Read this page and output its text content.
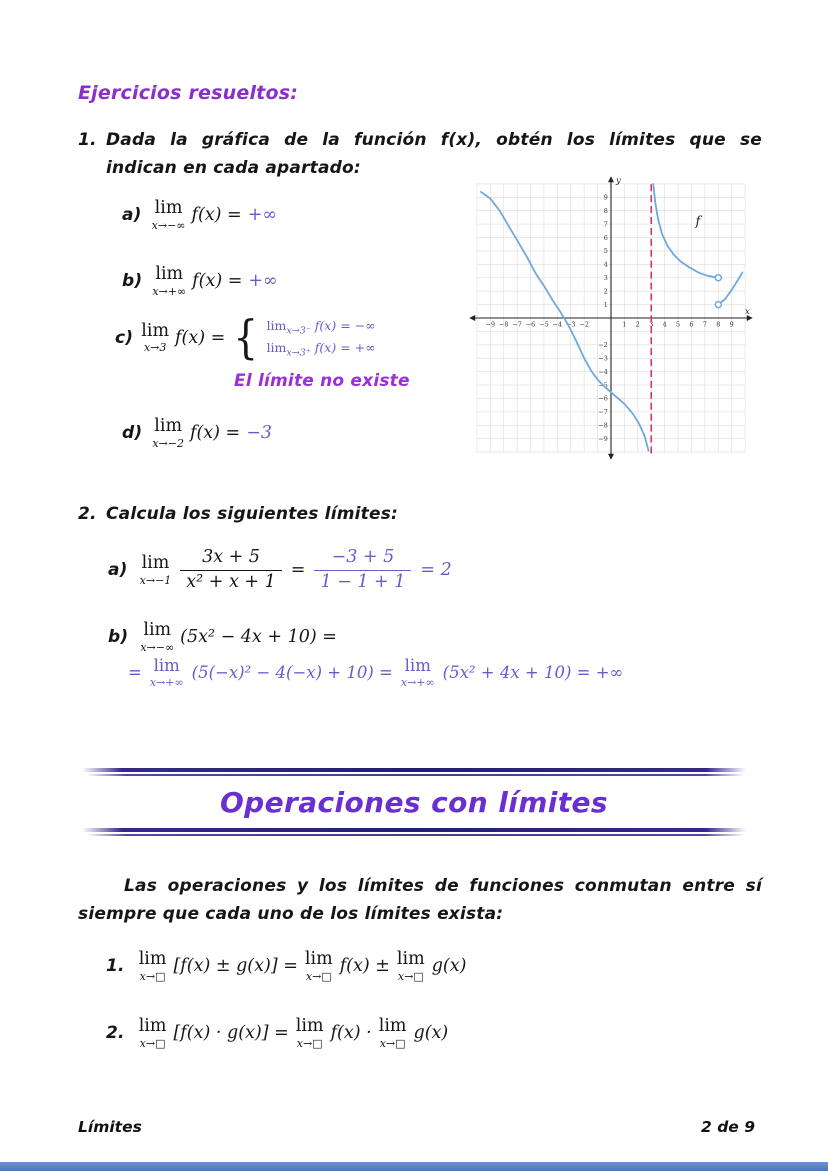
Ejercicios resueltos:
1. Dada la gráfica de la función f(x), obtén los límites que se
indican en cada apartado:
a) lim
x→−∞ f(x) = +∞
b) lim
x→+∞ f(x) = +∞
c) lim
x→3 f(x) = { $\lim_{x\to 3^-} f(x)$ = −∞
$\lim_{x\to 3^+} f(x)$ = +∞
El límite no existe
d) lim
x→−2 f(x) = −3
−9 −8 −7 −6 −5 −4 −3 −2	1 2 3 4 5 6 7 8 9
9
8
7
6
5
4
3
2
1
−2
−3
−4
−5
−6
−7
−8
−9
x
y
f
2. Calcula los siguientes límites:
a) lim
$x\to-1 \frac{3x + 5}{\text{x² + x + 1}} = \frac{-3 + 5}{1 - 1 + 1} = 2$
b) lim
x→−∞ (5x² − 4x + 10) =
= lim
x→+∞ (5(−x)² − 4(−x) + 10) = lim
x→+∞ (5x² + 4x + 10) = +∞
Operaciones con límites
Las operaciones y los límites de funciones conmutan entre sí
siempre que cada uno de los límites exista:
1. lim
x→□ [f(x) ± g(x)] = lim
x→□ f(x) ± lim
x→□ g(x)
2. lim
x→□ [f(x) · g(x)] = lim
x→□ f(x) · lim
x→□ g(x)
Límites	2 de 9
